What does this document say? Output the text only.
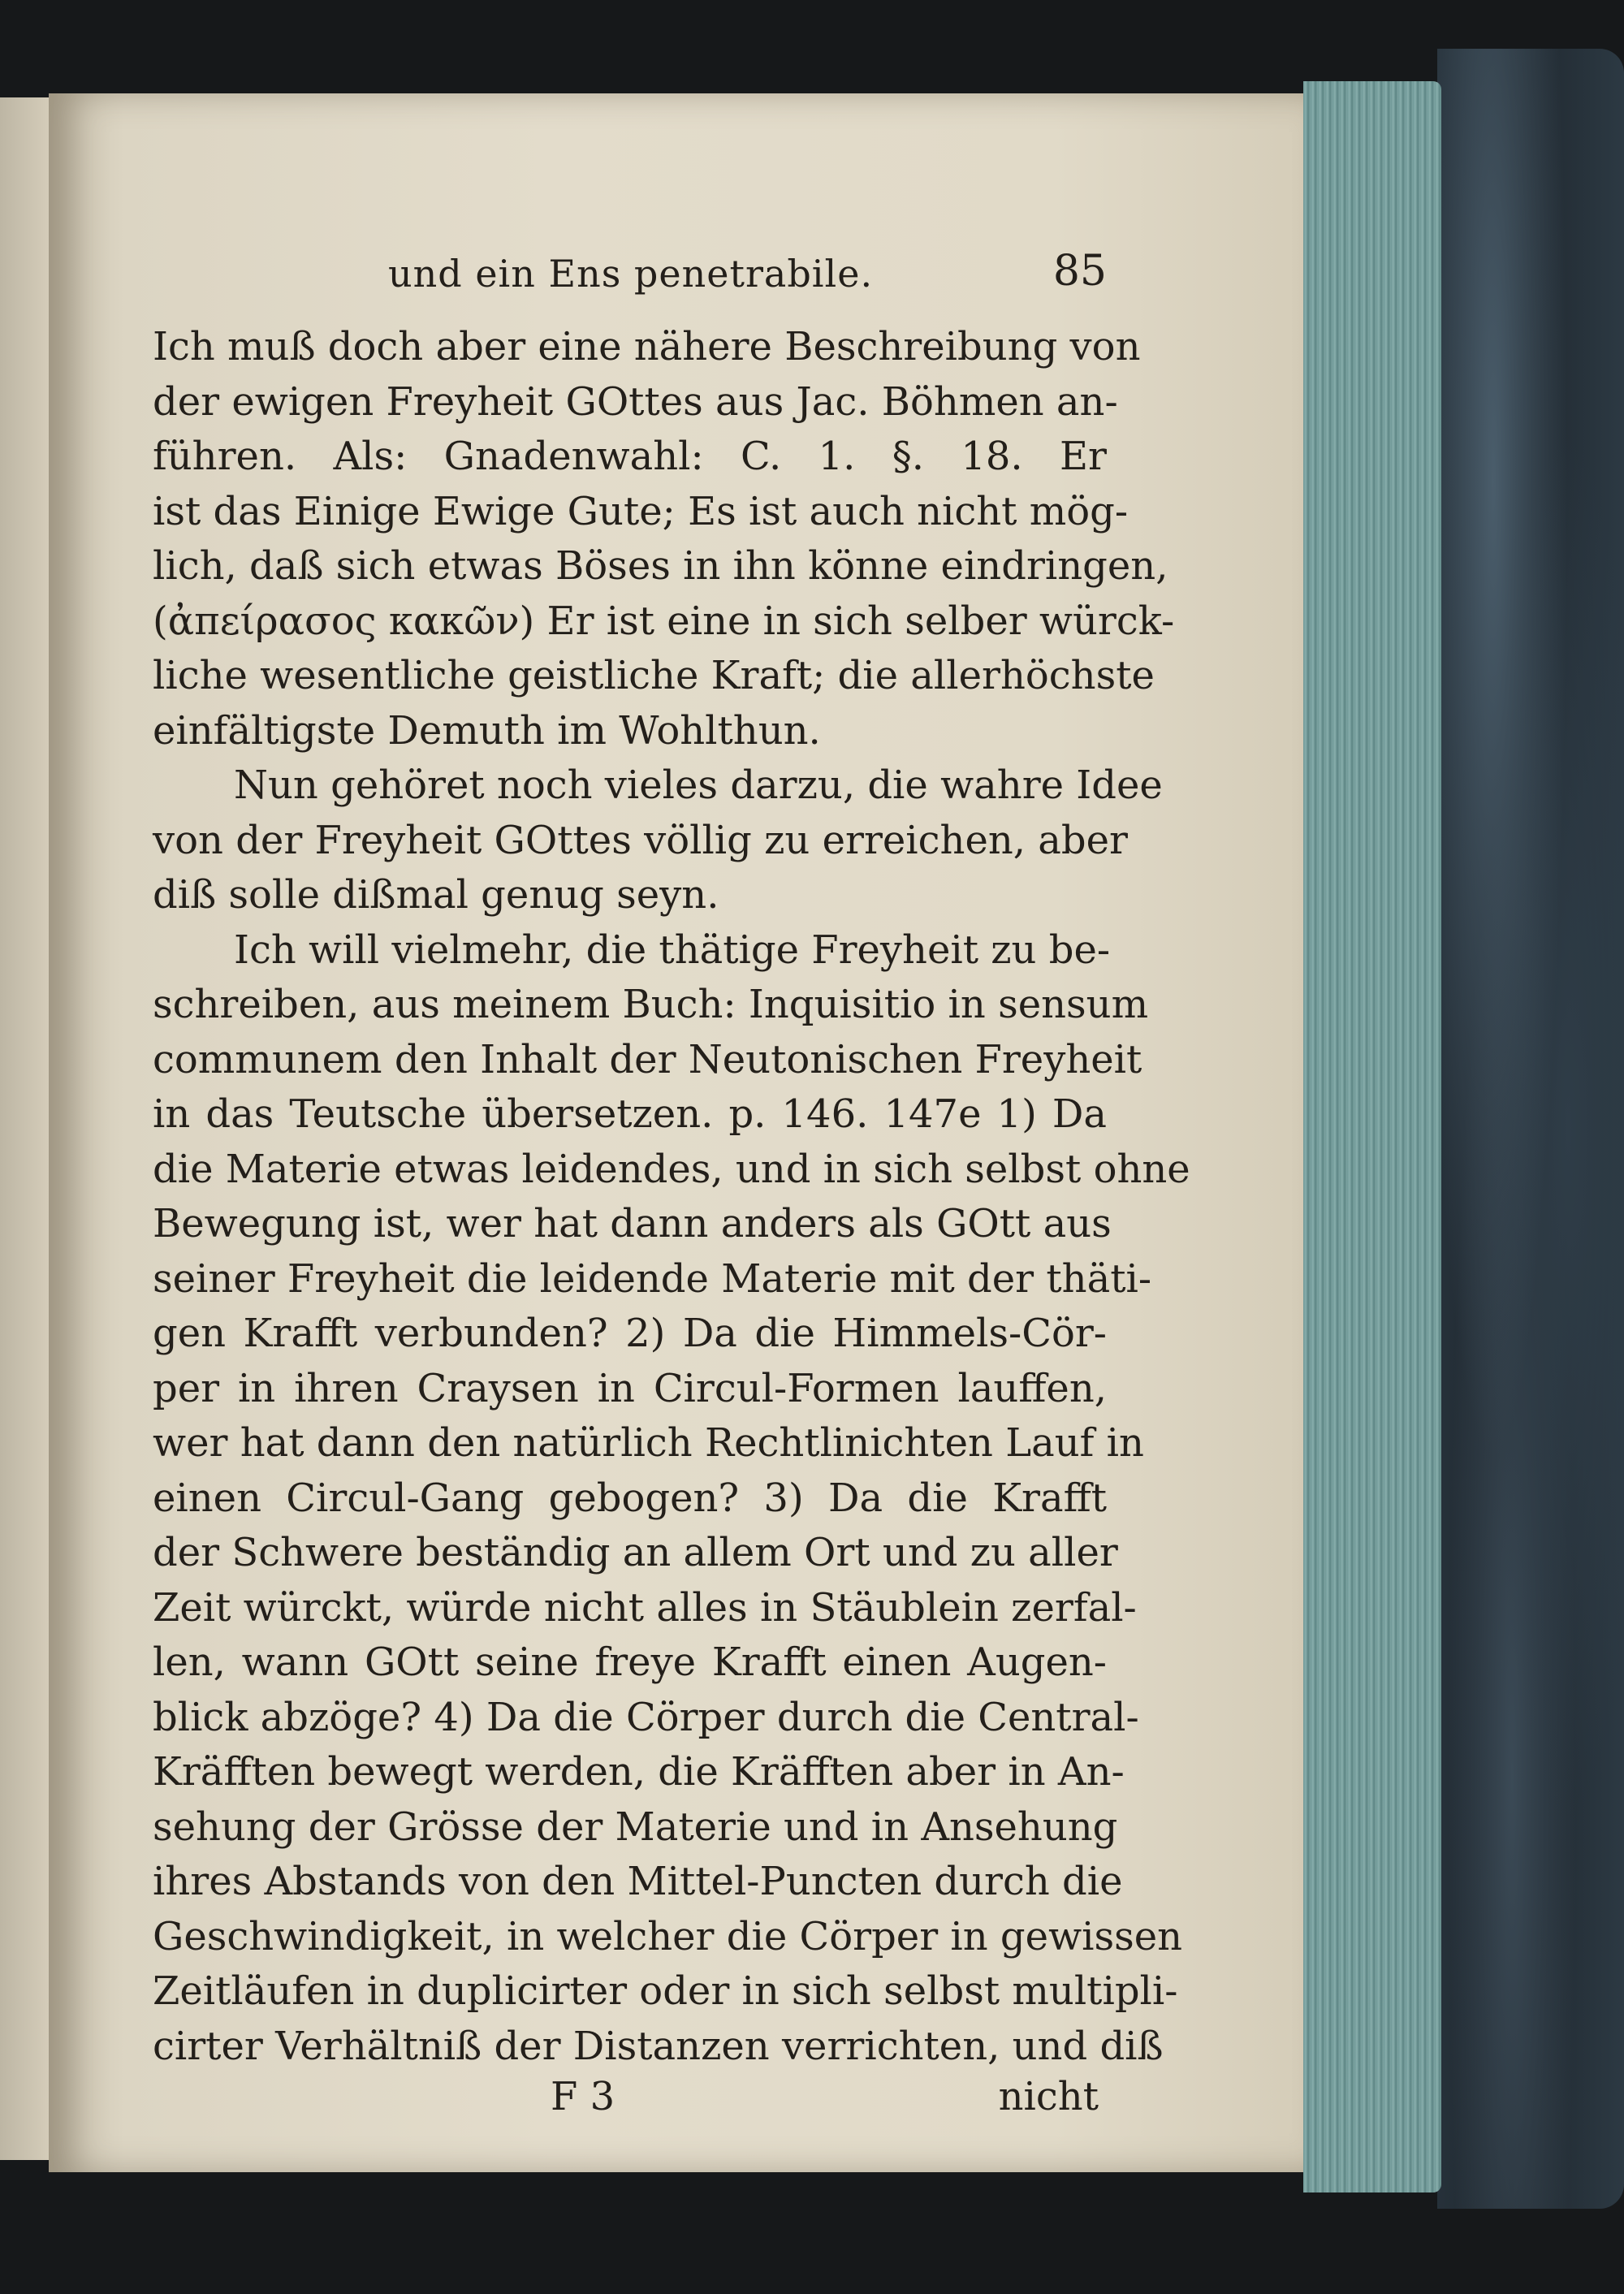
und ein Ens penetrabile.	85
Ich muß doch aber eine nähere Beschreibung von
der ewigen Freyheit GOttes aus Jac. Böhmen an-
führen. Als: Gnadenwahl: C. 1. §. 18. Er
ist das Einige Ewige Gute; Es ist auch nicht mög-
lich, daß sich etwas Böses in ihn könne eindringen,
(ἀπείρασος κακῶν) Er ist eine in sich selber würck-
liche wesentliche geistliche Kraft; die allerhöchste
einfältigste Demuth im Wohlthun.
Nun gehöret noch vieles darzu, die wahre Idee
von der Freyheit GOttes völlig zu erreichen, aber
diß solle dißmal genug seyn.
Ich will vielmehr, die thätige Freyheit zu be-
schreiben, aus meinem Buch: Inquisitio in sensum
communem den Inhalt der Neutonischen Freyheit
in das Teutsche übersetzen. p. 146. 147e 1) Da
die Materie etwas leidendes, und in sich selbst ohne
Bewegung ist, wer hat dann anders als GOtt aus
seiner Freyheit die leidende Materie mit der thäti-
gen Krafft verbunden? 2) Da die Himmels-Cör-
per in ihren Craysen in Circul-Formen lauffen,
wer hat dann den natürlich Rechtlinichten Lauf in
einen Circul-Gang gebogen? 3) Da die Krafft
der Schwere beständig an allem Ort und zu aller
Zeit würckt, würde nicht alles in Stäublein zerfal-
len, wann GOtt seine freye Krafft einen Augen-
blick abzöge? 4) Da die Cörper durch die Central-
Kräfften bewegt werden, die Kräfften aber in An-
sehung der Grösse der Materie und in Ansehung
ihres Abstands von den Mittel-Puncten durch die
Geschwindigkeit, in welcher die Cörper in gewissen
Zeitläufen in duplicirter oder in sich selbst multipli-
cirter Verhältniß der Distanzen verrichten, und diß
F 3	nicht
